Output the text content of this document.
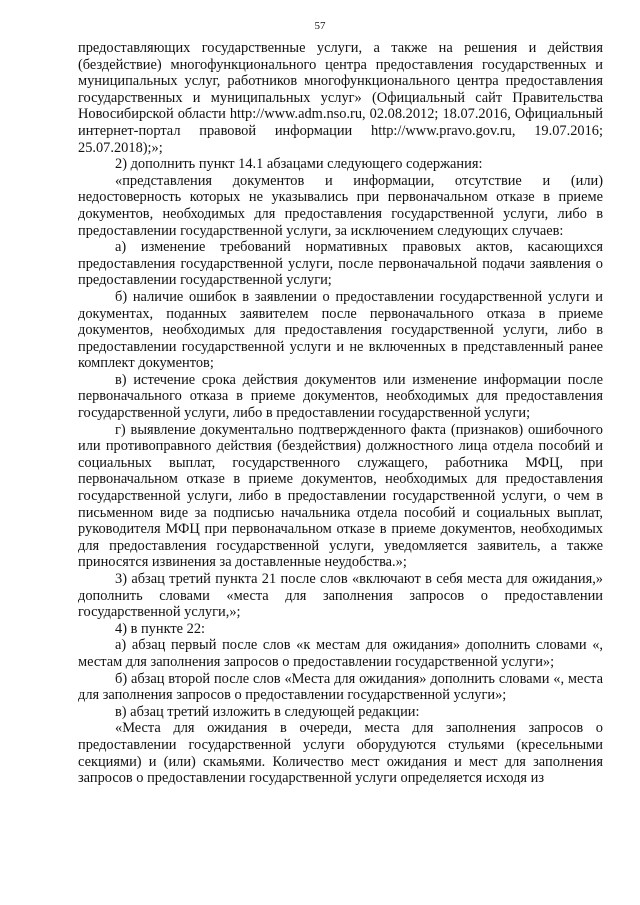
57

предоставляющих государственные услуги, а также на решения и действия (бездействие) многофункционального центра предоставления государственных и муниципальных услуг, работников многофункционального центра предоставления государственных и муниципальных услуг» (Официальный сайт Правительства Новосибирской области http://www.adm.nso.ru, 02.08.2012; 18.07.2016, Официальный интернет-портал правовой информации http://www.pravo.gov.ru, 19.07.2016; 25.07.2018);»;

2) дополнить пункт 14.1 абзацами следующего содержания:

«представления документов и информации, отсутствие и (или) недостоверность которых не указывались при первоначальном отказе в приеме документов, необходимых для предоставления государственной услуги, либо в предоставлении государственной услуги, за исключением следующих случаев:

а) изменение требований нормативных правовых актов, касающихся предоставления государственной услуги, после первоначальной подачи заявления о предоставлении государственной услуги;

б) наличие ошибок в заявлении о предоставлении государственной услуги и документах, поданных заявителем после первоначального отказа в приеме документов, необходимых для предоставления государственной услуги, либо в предоставлении государственной услуги и не включенных в представленный ранее комплект документов;

в) истечение срока действия документов или изменение информации после первоначального отказа в приеме документов, необходимых для предоставления государственной услуги, либо в предоставлении государственной услуги;

г) выявление документально подтвержденного факта (признаков) ошибочного или противоправного действия (бездействия) должностного лица отдела пособий и социальных выплат, государственного служащего, работника МФЦ, при первоначальном отказе в приеме документов, необходимых для предоставления государственной услуги, либо в предоставлении государственной услуги, о чем в письменном виде за подписью начальника отдела пособий и социальных выплат, руководителя МФЦ при первоначальном отказе в приеме документов, необходимых для предоставления государственной услуги, уведомляется заявитель, а также приносятся извинения за доставленные неудобства.»;

3) абзац третий пункта 21 после слов «включают в себя места для ожидания,» дополнить словами «места для заполнения запросов о предоставлении государственной услуги,»;

4) в пункте 22:

а) абзац первый после слов «к местам для ожидания» дополнить словами «, местам для заполнения запросов о предоставлении государственной услуги»;

б) абзац второй после слов «Места для ожидания» дополнить словами «, места для заполнения запросов о предоставлении государственной услуги»;

в) абзац третий изложить в следующей редакции:

«Места для ожидания в очереди, места для заполнения запросов о предоставлении государственной услуги оборудуются стульями (кресельными секциями) и (или) скамьями. Количество мест ожидания и мест для заполнения запросов о предоставлении государственной услуги определяется исходя из
